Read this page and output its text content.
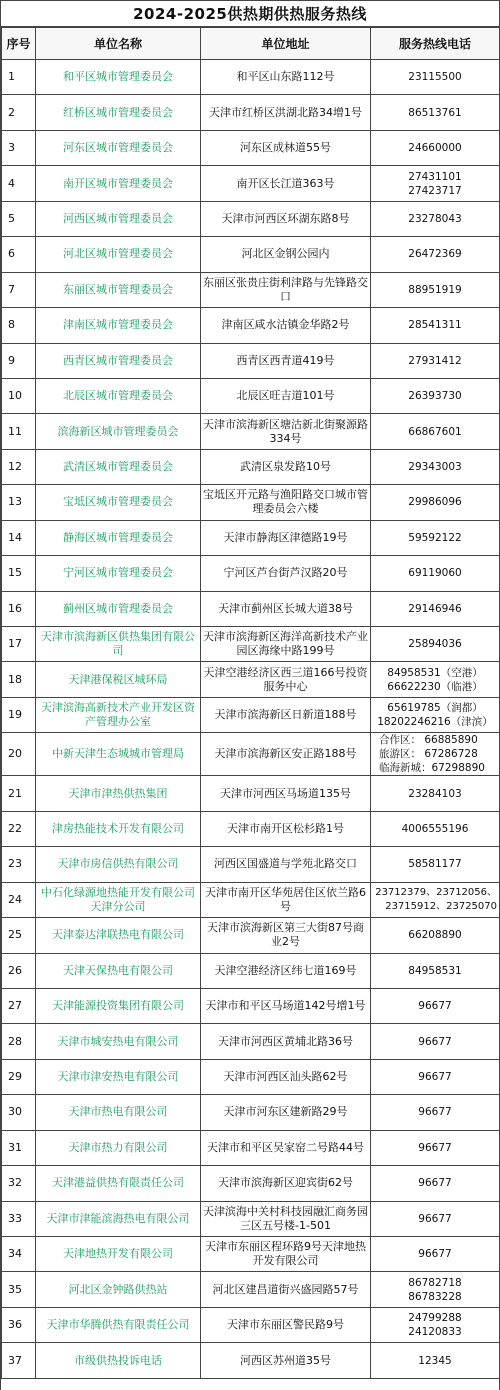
2024-2025供热期供热服务热线
序号	单位名称	单位地址	服务热线电话
1	和平区城市管理委员会	和平区山东路112号	23115500
2	红桥区城市管理委员会	天津市红桥区洪湖北路34增1号	86513761
3	河东区城市管理委员会	河东区成林道55号	24660000
4	南开区城市管理委员会	南开区长江道363号	27431101
27423717
5	河西区城市管理委员会	天津市河西区环湖东路8号	23278043
6	河北区城市管理委员会	河北区金钢公园内	26472369
7	东丽区城市管理委员会	东丽区张贵庄街利津路与先锋路交口	88951919
8	津南区城市管理委员会	津南区咸水沽镇金华路2号	28541311
9	西青区城市管理委员会	西青区西青道419号	27931412
10	北辰区城市管理委员会	北辰区旺吉道101号	26393730
11	滨海新区城市管理委员会	天津市滨海新区塘沽新北街聚源路334号	66867601
12	武清区城市管理委员会	武清区泉发路10号	29343003
13	宝坻区城市管理委员会	宝坻区开元路与渔阳路交口城市管理委员会六楼	29986096
14	静海区城市管理委员会	天津市静海区津德路19号	59592122
15	宁河区城市管理委员会	宁河区芦台街芦汉路20号	69119060
16	蓟州区城市管理委员会	天津市蓟州区长城大道38号	29146946
17	天津市滨海新区供热集团有限公司	天津市滨海新区海洋高新技术产业园区海缘中路199号	25894036
18	天津港保税区城环局	天津空港经济区西三道166号投资服务中心	84958531（空港）
66622230（临港）
19	天津滨海高新技术产业开发区资产管理办公室	天津市滨海新区日新道188号	65619785（润都）
18202246216（津滨）
20	中新天津生态城城市管理局	天津市滨海新区安正路188号	合作区： 66885890
旅游区： 67286728
临海新城：67298890
21	天津市津热供热集团	天津市河西区马场道135号	23284103
22	津房热能技术开发有限公司	天津市南开区松杉路1号	4006555196
23	天津市房信供热有限公司	河西区国盛道与学苑北路交口	58581177
24	中石化绿源地热能开发有限公司天津分公司	天津市南开区华苑居住区依兰路6号	23712379、23712056、
23715912、23725070
25	天津泰达津联热电有限公司	天津市滨海新区第三大街87号商业2号	66208890
26	天津天保热电有限公司	天津空港经济区纬七道169号	84958531
27	天津能源投资集团有限公司	天津市和平区马场道142号增1号	96677
28	天津市城安热电有限公司	天津市河西区黄埔北路36号	96677
29	天津市津安热电有限公司	天津市河西区汕头路62号	96677
30	天津市热电有限公司	天津市河东区建新路29号	96677
31	天津市热力有限公司	天津市和平区吴家窑二号路44号	96677
32	天津港益供热有限责任公司	天津市滨海新区迎宾街62号	96677
33	天津市津能滨海热电有限公司	天津滨海中关村科技园融汇商务园三区五号楼-1-501	96677
34	天津地热开发有限公司	天津市东丽区程环路9号天津地热开发有限公司	96677
35	河北区金钟路供热站	河北区建昌道街兴盛园路57号	86782718
86783228
36	天津市华腾供热有限责任公司	天津市东丽区警民路9号	24799288
24120833
37	市级供热投诉电话	河西区苏州道35号	12345
